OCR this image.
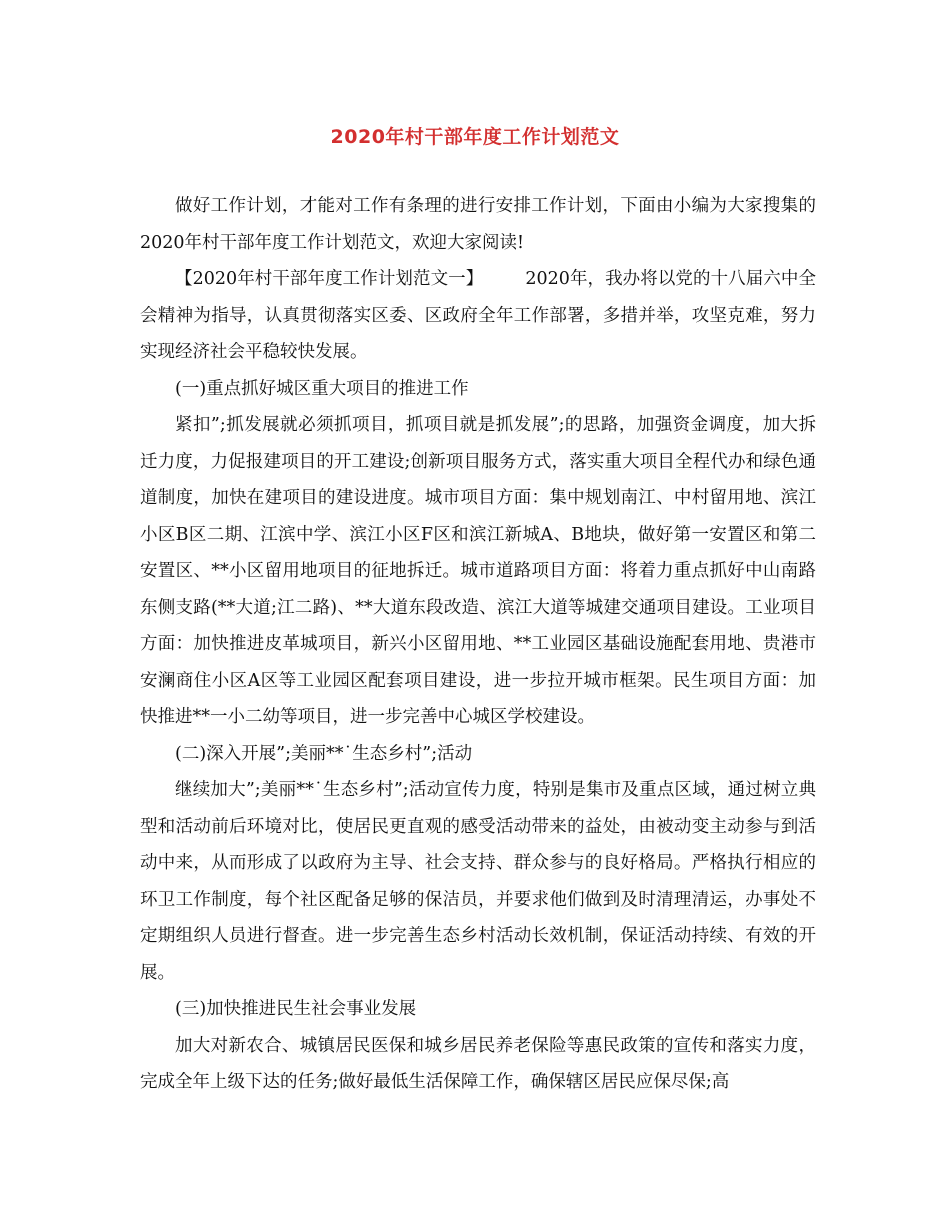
2020年村干部年度工作计划范文

做好工作计划，才能对工作有条理的进行安排工作计划，下面由小编为大家搜集的2020年村干部年度工作计划范文，欢迎大家阅读!

【2020年村干部年度工作计划范文一】 2020年，我办将以党的十八届六中全会精神为指导，认真贯彻落实区委、区政府全年工作部署，多措并举，攻坚克难，努力实现经济社会平稳较快发展。

(一)重点抓好城区重大项目的推进工作

紧扣”;抓发展就必须抓项目，抓项目就是抓发展”;的思路，加强资金调度，加大拆迁力度，力促报建项目的开工建设;创新项目服务方式，落实重大项目全程代办和绿色通道制度，加快在建项目的建设进度。城市项目方面：集中规划南江、中村留用地、滨江小区B区二期、江滨中学、滨江小区F区和滨江新城A、B地块，做好第一安置区和第二安置区、**小区留用地项目的征地拆迁。城市道路项目方面：将着力重点抓好中山南路东侧支路(**大道;江二路)、**大道东段改造、滨江大道等城建交通项目建设。工业项目方面：加快推进皮革城项目，新兴小区留用地、**工业园区基础设施配套用地、贵港市安澜商住小区A区等工业园区配套项目建设，进一步拉开城市框架。民生项目方面：加快推进**一小二幼等项目，进一步完善中心城区学校建设。

(二)深入开展”;美丽**˙生态乡村”;活动

继续加大”;美丽**˙生态乡村”;活动宣传力度，特别是集市及重点区域，通过树立典型和活动前后环境对比，使居民更直观的感受活动带来的益处，由被动变主动参与到活动中来，从而形成了以政府为主导、社会支持、群众参与的良好格局。严格执行相应的环卫工作制度，每个社区配备足够的保洁员，并要求他们做到及时清理清运，办事处不定期组织人员进行督查。进一步完善生态乡村活动长效机制，保证活动持续、有效的开展。

(三)加快推进民生社会事业发展

加大对新农合、城镇居民医保和城乡居民养老保险等惠民政策的宣传和落实力度，完成全年上级下达的任务;做好最低生活保障工作，确保辖区居民应保尽保;高
